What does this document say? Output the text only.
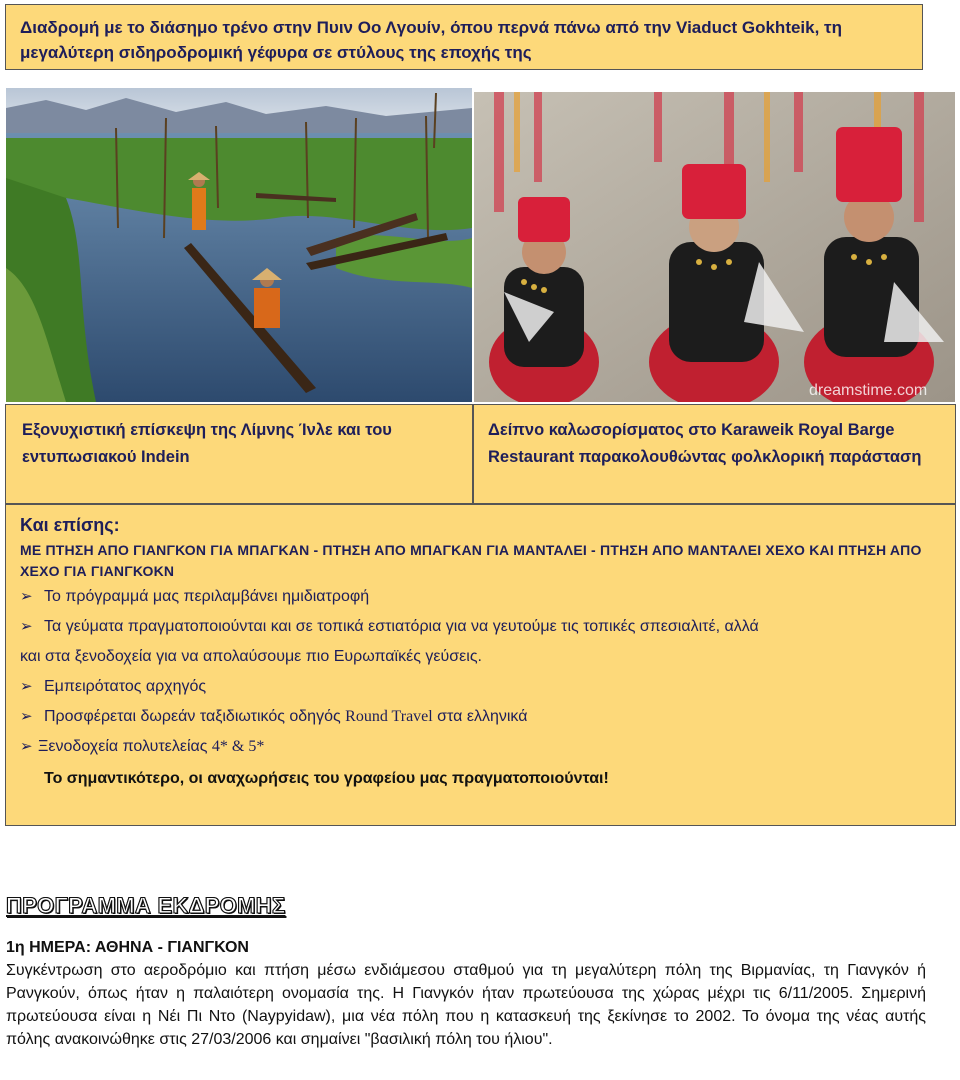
Διαδρομή με το διάσημο τρένο στην Πυιν Οο Λγουίν, όπου περνά πάνω από την Viaduct Gokhteik, τη μεγαλύτερη σιδηροδρομική γέφυρα σε στύλους της εποχής της
dreamstime.com
Εξονυχιστική επίσκεψη της Λίμνης Ίνλε και του εντυπωσιακού Indein
Δείπνο καλωσορίσματος στο Karaweik Royal Barge Restaurant παρακολουθώντας φολκλορική παράσταση
Και επίσης:
ΜΕ ΠΤΗΣΗ ΑΠΟ ΓΙΑΝΓΚΟΝ ΓΙΑ ΜΠΑΓΚΑΝ - ΠΤΗΣΗ ΑΠΟ ΜΠΑΓΚΑΝ ΓΙΑ ΜΑΝΤΑΛΕΙ - ΠΤΗΣΗ ΑΠΟ ΜΑΝΤΑΛΕΙ ΧΕΧΟ ΚΑΙ ΠΤΗΣΗ ΑΠΟ ΧΕΧΟ ΓΙΑ ΓΙΑΝΓΚΟΚΝ
➢ Το πρόγραμμά μας περιλαμβάνει ημιδιατροφή
➢ Τα γεύματα πραγματοποιούνται και σε τοπικά εστιατόρια για να γευτούμε τις τοπικές σπεσιαλιτέ, αλλά
και στα ξενοδοχεία για να απολαύσουμε πιο Ευρωπαϊκές γεύσεις.
➢ Εμπειρότατος αρχηγός
➢ Προσφέρεται δωρεάν ταξιδιωτικός οδηγός Round Travel στα ελληνικά
➢ Ξενοδοχεία πολυτελείας 4* & 5*
Το σημαντικότερο, οι αναχωρήσεις του γραφείου μας πραγματοποιούνται!
ΠΡΟΓΡΑΜΜΑ ΕΚΔΡΟΜΗΣ
1η ΗΜΕΡΑ: ΑΘΗΝΑ - ΓΙΑΝΓΚΟΝ
Συγκέντρωση στο αεροδρόμιο και πτήση μέσω ενδιάμεσου σταθμού για τη μεγαλύτερη πόλη της Βιρμανίας, τη Γιανγκόν ή Ρανγκούν, όπως ήταν η παλαιότερη ονομασία της. Η Γιανγκόν ήταν πρωτεύουσα της χώρας μέχρι τις 6/11/2005. Σημερινή πρωτεύουσα είναι η Νέι Πι Ντο (Naypyidaw), μια νέα πόλη που η κατασκευή της ξεκίνησε το 2002. Το όνομα της νέας αυτής πόλης ανακοινώθηκε στις 27/03/2006 και σημαίνει "βασιλική πόλη του ήλιου".
